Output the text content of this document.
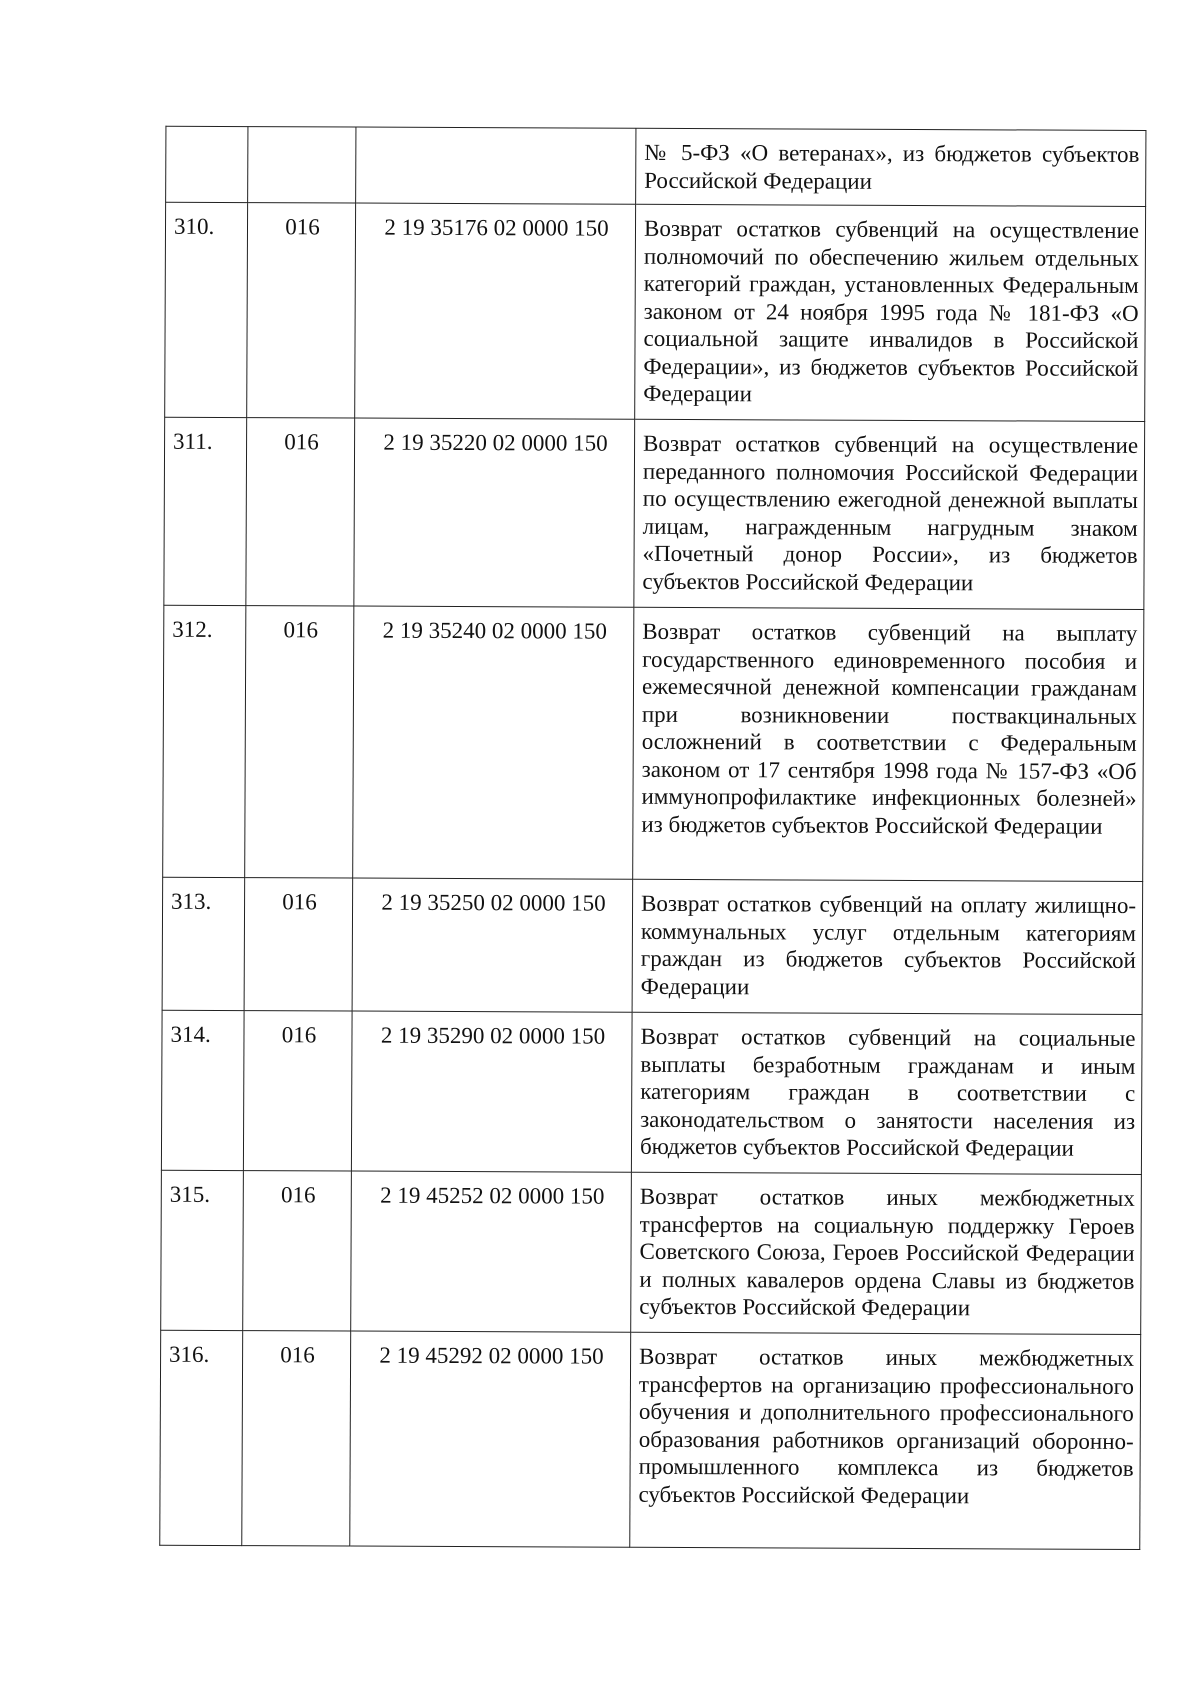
			№ 5-ФЗ «О ветеранах», из бюджетов субъектов Российской Федерации
310.	016	2 19 35176 02 0000 150	Возврат остатков субвенций на осуществление полномочий по обеспечению жильем отдельных категорий граждан, установленных Федеральным законом от 24 ноября 1995 года № 181-ФЗ «О социальной защите инвалидов в Российской Федерации», из бюджетов субъектов Российской Федерации
311.	016	2 19 35220 02 0000 150	Возврат остатков субвенций на осуществление переданного полномочия Российской Федерации по осуществлению ежегодной денежной выплаты лицам, награжденным нагрудным знаком «Почетный донор России», из бюджетов субъектов Российской Федерации
312.	016	2 19 35240 02 0000 150	Возврат остатков субвенций на выплату государственного единовременного пособия и ежемесячной денежной компенсации гражданам при возникновении поствакцинальных осложнений в соответствии с Федеральным законом от 17 сентября 1998 года № 157-ФЗ «Об иммунопрофилактике инфекционных болезней» из бюджетов субъектов Российской Федерации
313.	016	2 19 35250 02 0000 150	Возврат остатков субвенций на оплату жилищно-коммунальных услуг отдельным категориям граждан из бюджетов субъектов Российской Федерации
314.	016	2 19 35290 02 0000 150	Возврат остатков субвенций на социальные выплаты безработным гражданам и иным категориям граждан в соответствии с законодательством о занятости населения из бюджетов субъектов Российской Федерации
315.	016	2 19 45252 02 0000 150	Возврат остатков иных межбюджетных трансфертов на социальную поддержку Героев Советского Союза, Героев Российской Федерации и полных кавалеров ордена Славы из бюджетов субъектов Российской Федерации
316.	016	2 19 45292 02 0000 150	Возврат остатков иных межбюджетных трансфертов на организацию профессионального обучения и дополнительного профессионального образования работников организаций оборонно-промышленного комплекса из бюджетов субъектов Российской Федерации
